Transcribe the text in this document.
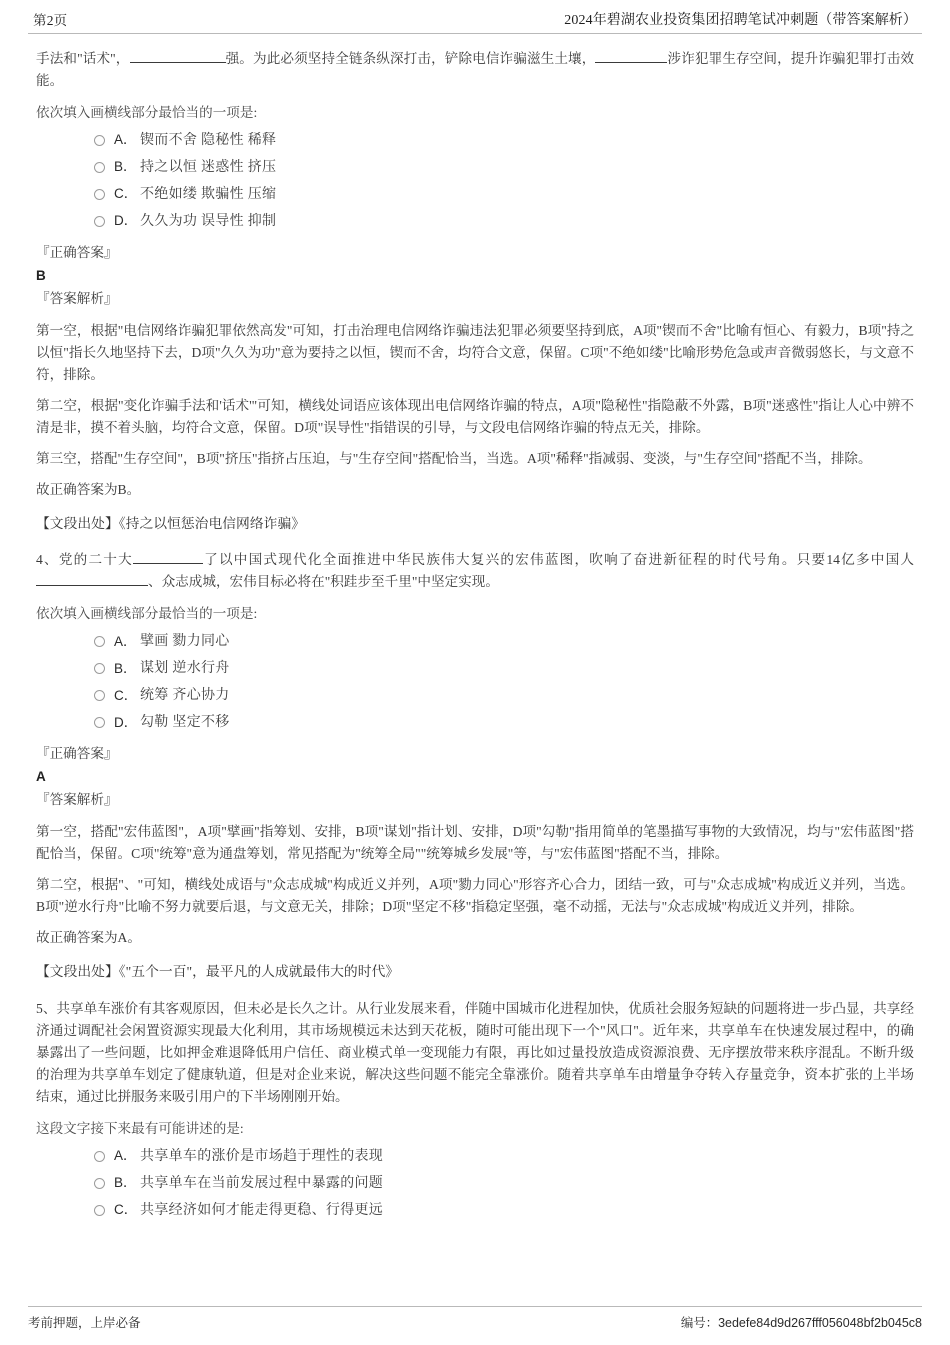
第2页	2024年碧湖农业投资集团招聘笔试冲刺题（带答案解析）

手法和"话术"，	强。为此必须坚持全链条纵深打击，铲除电信诈骗滋生土壤，	涉诈犯罪生存空间，提升诈骗犯罪打击效能。

依次填入画横线部分最恰当的一项是:

A． 锲而不舍 隐秘性 稀释
B． 持之以恒 迷惑性 挤压
C． 不绝如缕 欺骗性 压缩
D． 久久为功 误导性 抑制

『正确答案』

B

『答案解析』

第一空，根据"电信网络诈骗犯罪依然高发"可知，打击治理电信网络诈骗违法犯罪必须要坚持到底，A项"锲而不舍"比喻有恒心、有毅力，B项"持之以恒"指长久地坚持下去，D项"久久为功"意为要持之以恒，锲而不舍，均符合文意，保留。C项"不绝如缕"比喻形势危急或声音微弱悠长，与文意不符，排除。

第二空，根据"变化诈骗手法和'话术'"可知，横线处词语应该体现出电信网络诈骗的特点，A项"隐秘性"指隐蔽不外露，B项"迷惑性"指让人心中辨不清是非，摸不着头脑，均符合文意，保留。D项"误导性"指错误的引导，与文段电信网络诈骗的特点无关，排除。

第三空，搭配"生存空间"，B项"挤压"指挤占压迫，与"生存空间"搭配恰当，当选。A项"稀释"指减弱、变淡，与"生存空间"搭配不当，排除。

故正确答案为B。

【文段出处】《持之以恒惩治电信网络诈骗》

4、党的二十大	了以中国式现代化全面推进中华民族伟大复兴的宏伟蓝图，吹响了奋进新征程的时代号角。只要14亿多中国人、众志成城，宏伟目标必将在"积跬步至千里"中坚定实现。

依次填入画横线部分最恰当的一项是:

A． 擘画 勠力同心
B． 谋划 逆水行舟
C． 统筹 齐心协力
D． 勾勒 坚定不移

『正确答案』

A

『答案解析』

第一空，搭配"宏伟蓝图"，A项"擘画"指筹划、安排，B项"谋划"指计划、安排，D项"勾勒"指用简单的笔墨描写事物的大致情况，均与"宏伟蓝图"搭配恰当，保留。C项"统筹"意为通盘筹划，常见搭配为"统筹全局""统筹城乡发展"等，与"宏伟蓝图"搭配不当，排除。

第二空，根据"、"可知，横线处成语与"众志成城"构成近义并列，A项"勠力同心"形容齐心合力，团结一致，可与"众志成城"构成近义并列，当选。B项"逆水行舟"比喻不努力就要后退，与文意无关，排除；D项"坚定不移"指稳定坚强，毫不动摇，无法与"众志成城"构成近义并列，排除。

故正确答案为A。

【文段出处】《"五个一百"，最平凡的人成就最伟大的时代》

5、共享单车涨价有其客观原因，但未必是长久之计。从行业发展来看，伴随中国城市化进程加快，优质社会服务短缺的问题将进一步凸显，共享经济通过调配社会闲置资源实现最大化利用，其市场规模远未达到天花板，随时可能出现下一个"风口"。近年来，共享单车在快速发展过程中，的确暴露出了一些问题，比如押金难退降低用户信任、商业模式单一变现能力有限，再比如过量投放造成资源浪费、无序摆放带来秩序混乱。不断升级的治理为共享单车划定了健康轨道，但是对企业来说，解决这些问题不能完全靠涨价。随着共享单车由增量争夺转入存量竞争，资本扩张的上半场结束，通过比拼服务来吸引用户的下半场刚刚开始。

这段文字接下来最有可能讲述的是:

A． 共享单车的涨价是市场趋于理性的表现
B． 共享单车在当前发展过程中暴露的问题
C． 共享经济如何才能走得更稳、行得更远
考前押题，上岸必备	编号：3edefe84d9d267fff056048bf2b045c8
